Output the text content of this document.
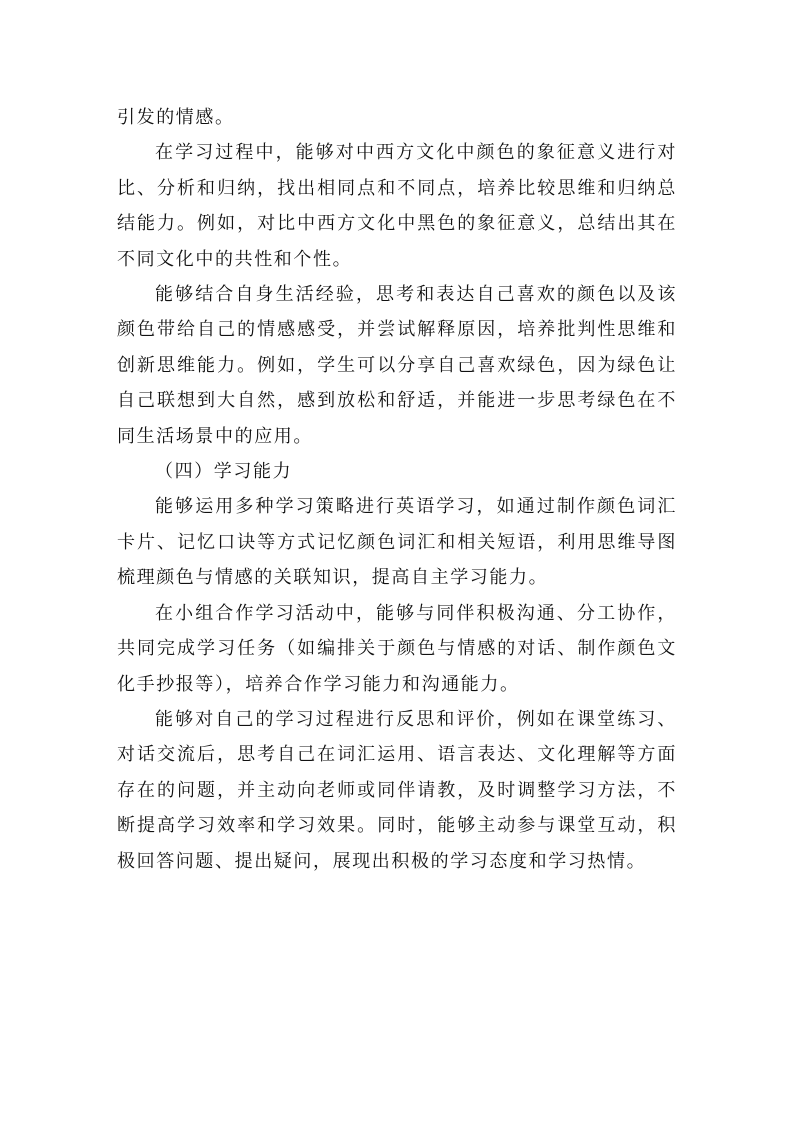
引发的情感。

在学习过程中，能够对中西方文化中颜色的象征意义进行对比、分析和归纳，找出相同点和不同点，培养比较思维和归纳总结能力。例如，对比中西方文化中黑色的象征意义，总结出其在不同文化中的共性和个性。

能够结合自身生活经验，思考和表达自己喜欢的颜色以及该颜色带给自己的情感感受，并尝试解释原因，培养批判性思维和创新思维能力。例如，学生可以分享自己喜欢绿色，因为绿色让自己联想到大自然，感到放松和舒适，并能进一步思考绿色在不同生活场景中的应用。

（四）学习能力

能够运用多种学习策略进行英语学习，如通过制作颜色词汇卡片、记忆口诀等方式记忆颜色词汇和相关短语，利用思维导图梳理颜色与情感的关联知识，提高自主学习能力。

在小组合作学习活动中，能够与同伴积极沟通、分工协作，共同完成学习任务（如编排关于颜色与情感的对话、制作颜色文化手抄报等），培养合作学习能力和沟通能力。

能够对自己的学习过程进行反思和评价，例如在课堂练习、对话交流后，思考自己在词汇运用、语言表达、文化理解等方面存在的问题，并主动向老师或同伴请教，及时调整学习方法，不断提高学习效率和学习效果。同时，能够主动参与课堂互动，积极回答问题、提出疑问，展现出积极的学习态度和学习热情。
